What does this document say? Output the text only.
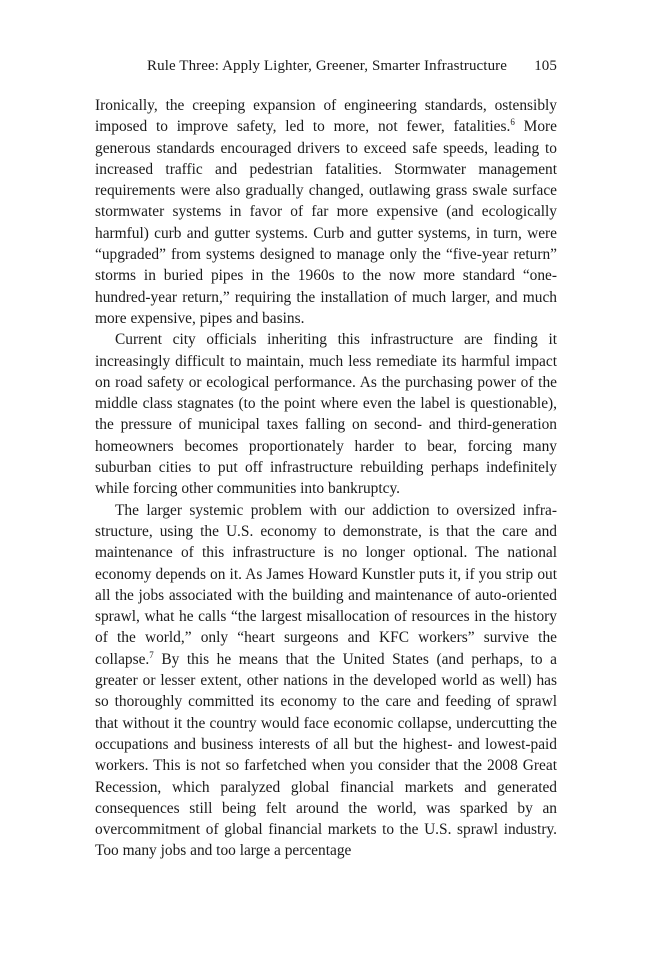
Rule Three: Apply Lighter, Greener, Smarter Infrastructure 105

Ironically, the creeping expansion of engineering standards, ostensibly imposed to improve safety, led to more, not fewer, fatalities.$^6$ More generous standards encouraged drivers to exceed safe speeds, leading to increased traffic and pedestrian fatalities. Stormwater management requirements were also gradually changed, outlawing grass swale surface stormwater systems in favor of far more expensive (and ecologically harmful) curb and gutter systems. Curb and gutter systems, in turn, were “upgraded” from systems designed to manage only the “five-year return” storms in buried pipes in the 1960s to the now more standard “one-hundred-year return,” requiring the installation of much larger, and much more expensive, pipes and basins.

Current city officials inheriting this infrastructure are finding it increasingly difficult to maintain, much less remediate its harmful impact on road safety or ecological performance. As the purchasing power of the middle class stagnates (to the point where even the label is questionable), the pressure of municipal taxes falling on second- and third-generation homeowners becomes proportionately harder to bear, forcing many suburban cities to put off infrastructure rebuilding perhaps indefinitely while forcing other communities into bankruptcy.

The larger systemic problem with our addiction to oversized infrastructure, using the U.S. economy to demonstrate, is that the care and maintenance of this infrastructure is no longer optional. The national economy depends on it. As James Howard Kunstler puts it, if you strip out all the jobs associated with the building and maintenance of auto-oriented sprawl, what he calls “the largest misallocation of resources in the history of the world,” only “heart surgeons and KFC workers” survive the collapse.$^7$ By this he means that the United States (and perhaps, to a greater or lesser extent, other nations in the developed world as well) has so thoroughly committed its economy to the care and feeding of sprawl that without it the country would face economic collapse, undercutting the occupations and business interests of all but the highest- and lowest-paid workers. This is not so farfetched when you consider that the 2008 Great Recession, which paralyzed global financial markets and generated consequences still being felt around the world, was sparked by an overcommitment of global financial markets to the U.S. sprawl industry. Too many jobs and too large a percentage
